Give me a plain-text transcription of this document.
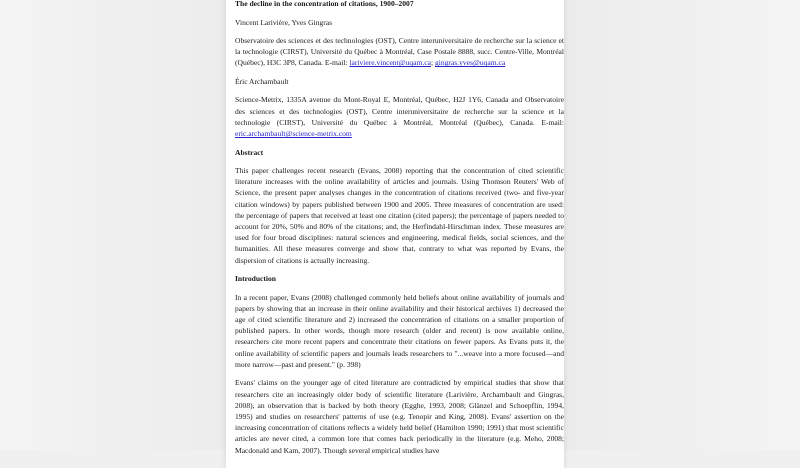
The decline in the concentration of citations, 1900–2007

Vincent Larivière, Yves Gingras

Observatoire des sciences et des technologies (OST), Centre interuniversitaire de recherche sur la science et la technologie (CIRST), Université du Québec à Montréal, Case Postale 8888, succ. Centre-Ville, Montréal (Québec), H3C 3P8, Canada. E-mail: lariviere.vincent@uqam.ca; gingras.yves@uqam.ca

Éric Archambault

Science-Metrix, 1335A avenue du Mont-Royal E, Montréal, Québec, H2J 1Y6, Canada and Observatoire des sciences et des technologies (OST), Centre interuniversitaire de recherche sur la science et la technologie (CIRST), Université du Québec à Montréal, Montréal (Québec), Canada. E-mail: eric.archambault@science-metrix.com

Abstract

This paper challenges recent research (Evans, 2008) reporting that the concentration of cited scientific literature increases with the online availability of articles and journals. Using Thomson Reuters' Web of Science, the present paper analyses changes in the concentration of citations received (two- and five-year citation windows) by papers published between 1900 and 2005. Three measures of concentration are used: the percentage of papers that received at least one citation (cited papers); the percentage of papers needed to account for 20%, 50% and 80% of the citations; and, the Herfindahl-Hirschman index. These measures are used for four broad disciplines: natural sciences and engineering, medical fields, social sciences, and the humanities. All these measures converge and show that, contrary to what was reported by Evans, the dispersion of citations is actually increasing.

Introduction

In a recent paper, Evans (2008) challenged commonly held beliefs about online availability of journals and papers by showing that an increase in their online availability and their historical archives 1) decreased the age of cited scientific literature and 2) increased the concentration of citations on a smaller proportion of published papers. In other words, though more research (older and recent) is now available online, researchers cite more recent papers and concentrate their citations on fewer papers. As Evans puts it, the online availability of scientific papers and journals leads researchers to "...weave into a more focused—and more narrow—past and present." (p. 398)

Evans' claims on the younger age of cited literature are contradicted by empirical studies that show that researchers cite an increasingly older body of scientific literature (Larivière, Archambault and Gingras, 2008), an observation that is backed by both theory (Egghe, 1993, 2008; Glänzel and Schoepflin, 1994, 1995) and studies on researchers' patterns of use (e.g. Tenopir and King, 2008). Evans' assertion on the increasing concentration of citations reflects a widely held belief (Hamilton 1990; 1991) that most scientific articles are never cited, a common lore that comes back periodically in the literature (e.g. Meho, 2008; Macdonald and Kam, 2007). Though several empirical studies have
